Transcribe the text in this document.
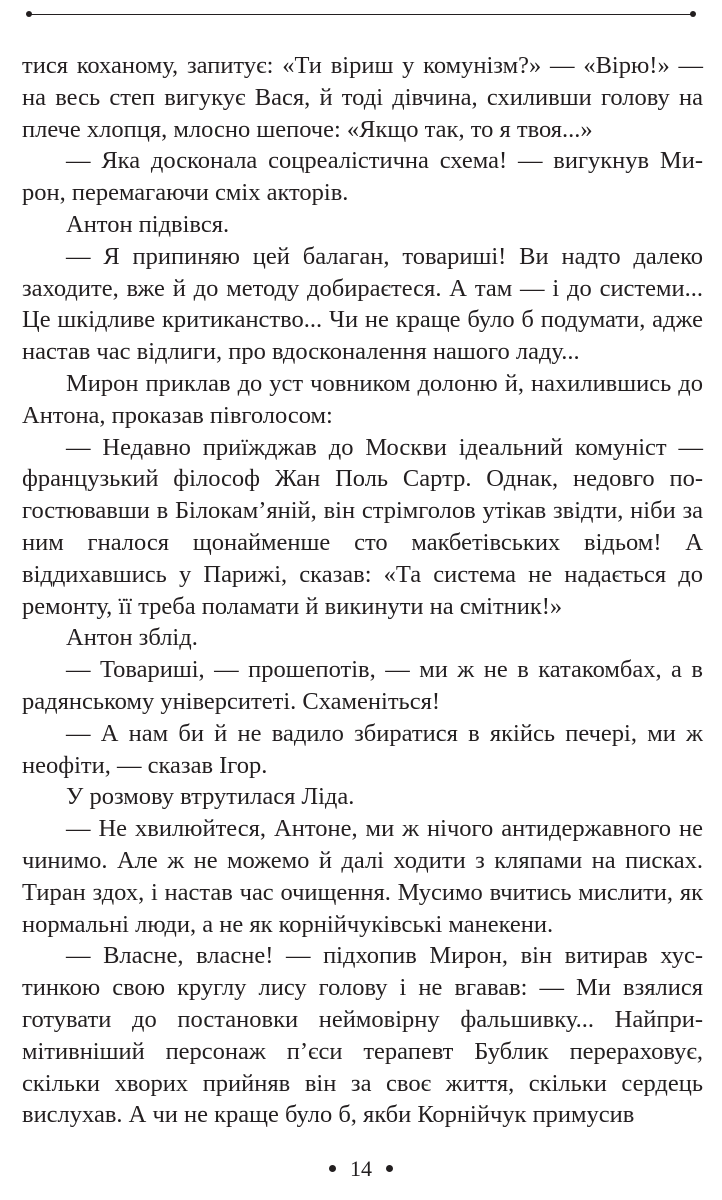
тися коханому, запитує: «Ти віриш у комунізм?» — «Вірю!» — на весь степ вигукує Вася, й тоді дівчина, схиливши голову на плече хлопця, млосно шепоче: «Якщо так, то я твоя...»

— Яка досконала соцреалістична схема! — вигукнув Мирон, перемагаючи сміх акторів.

Антон підвівся.

— Я припиняю цей балаган, товариші! Ви надто далеко заходите, вже й до методу добираєтеся. А там — і до системи... Це шкідливе критиканство... Чи не краще було б подумати, адже настав час відлиги, про вдосконалення нашого ладу...

Мирон приклав до уст човником долоню й, нахилившись до Антона, проказав півголосом:

— Недавно приїжджав до Москви ідеальний комуніст — французький філософ Жан Поль Сартр. Однак, недовго погостювавши в Білокам’яній, він стрімголов утікав звідти, ніби за ним гналося щонайменше сто макбетівських відьом! А віддихавшись у Парижі, сказав: «Та система не надається до ремонту, її треба поламати й викинути на смітник!»

Антон зблід.

— Товариші, — прошепотів, — ми ж не в катакомбах, а в радянському університеті. Схаменіться!

— А нам би й не вадило збиратися в якійсь печері, ми ж неофіти, — сказав Ігор.

У розмову втрутилася Ліда.

— Не хвилюйтеся, Антоне, ми ж нічого антидержавного не чинимо. Але ж не можемо й далі ходити з кляпами на писках. Тиран здох, і настав час очищення. Мусимо вчитись мислити, як нормальні люди, а не як корнійчуківські манекени.

— Власне, власне! — підхопив Мирон, він витирав хустинкою свою круглу лису голову і не вгавав: — Ми взялися готувати до постановки неймовірну фальшивку... Найпримітивніший персонаж п’єси терапевт Бублик перераховує, скільки хворих прийняв він за своє життя, скільки сердець вислухав. А чи не краще було б, якби Корнійчук примусив

14
